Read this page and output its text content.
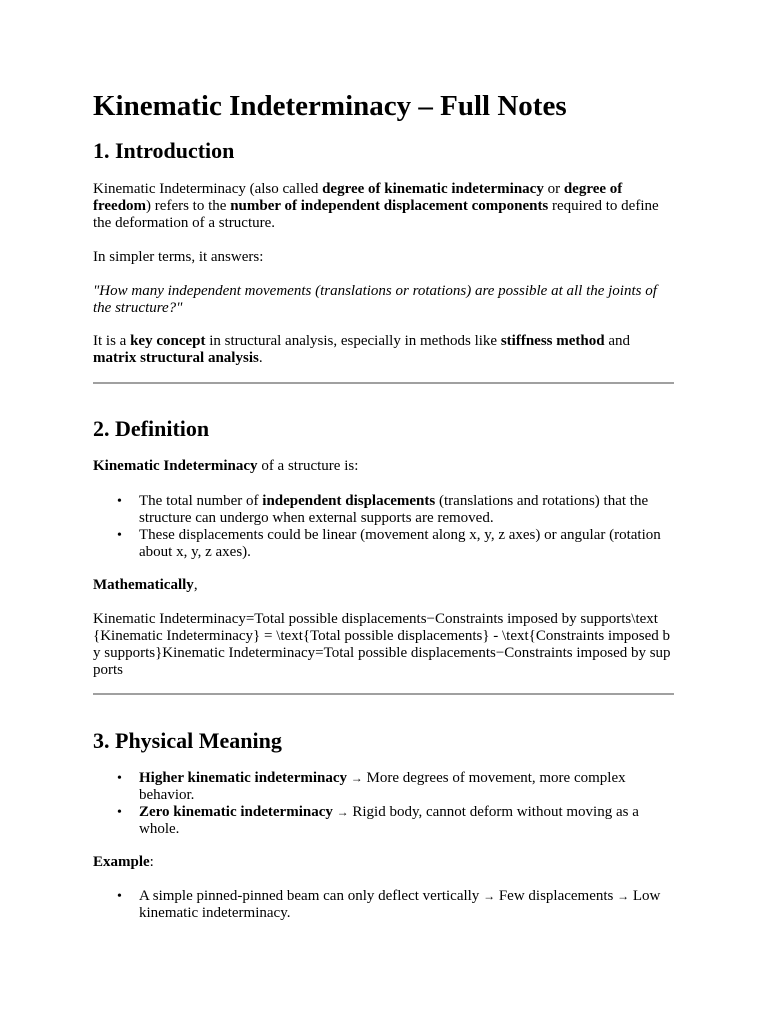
Kinematic Indeterminacy – Full Notes
1. Introduction

Kinematic Indeterminacy (also called degree of kinematic indeterminacy or degree of freedom) refers to the number of independent displacement components required to define the deformation of a structure.

In simpler terms, it answers:

"How many independent movements (translations or rotations) are possible at all the joints of the structure?"

It is a key concept in structural analysis, especially in methods like stiffness method and matrix structural analysis.

2. Definition

Kinematic Indeterminacy of a structure is:

• The total number of independent displacements (translations and rotations) that the structure can undergo when external supports are removed.
• These displacements could be linear (movement along x, y, z axes) or angular (rotation about x, y, z axes).

Mathematically,

Kinematic Indeterminacy=Total possible displacements−Constraints imposed by supports\text{Kinematic Indeterminacy} = \text{Total possible displacements} - \text{Constraints imposed by supports}Kinematic Indeterminacy=Total possible displacements−Constraints imposed by supports

3. Physical Meaning
• Higher kinematic indeterminacy → More degrees of movement, more complex behavior.
• Zero kinematic indeterminacy → Rigid body, cannot deform without moving as a whole.

Example:

• A simple pinned-pinned beam can only deflect vertically → Few displacements → Low kinematic indeterminacy.
